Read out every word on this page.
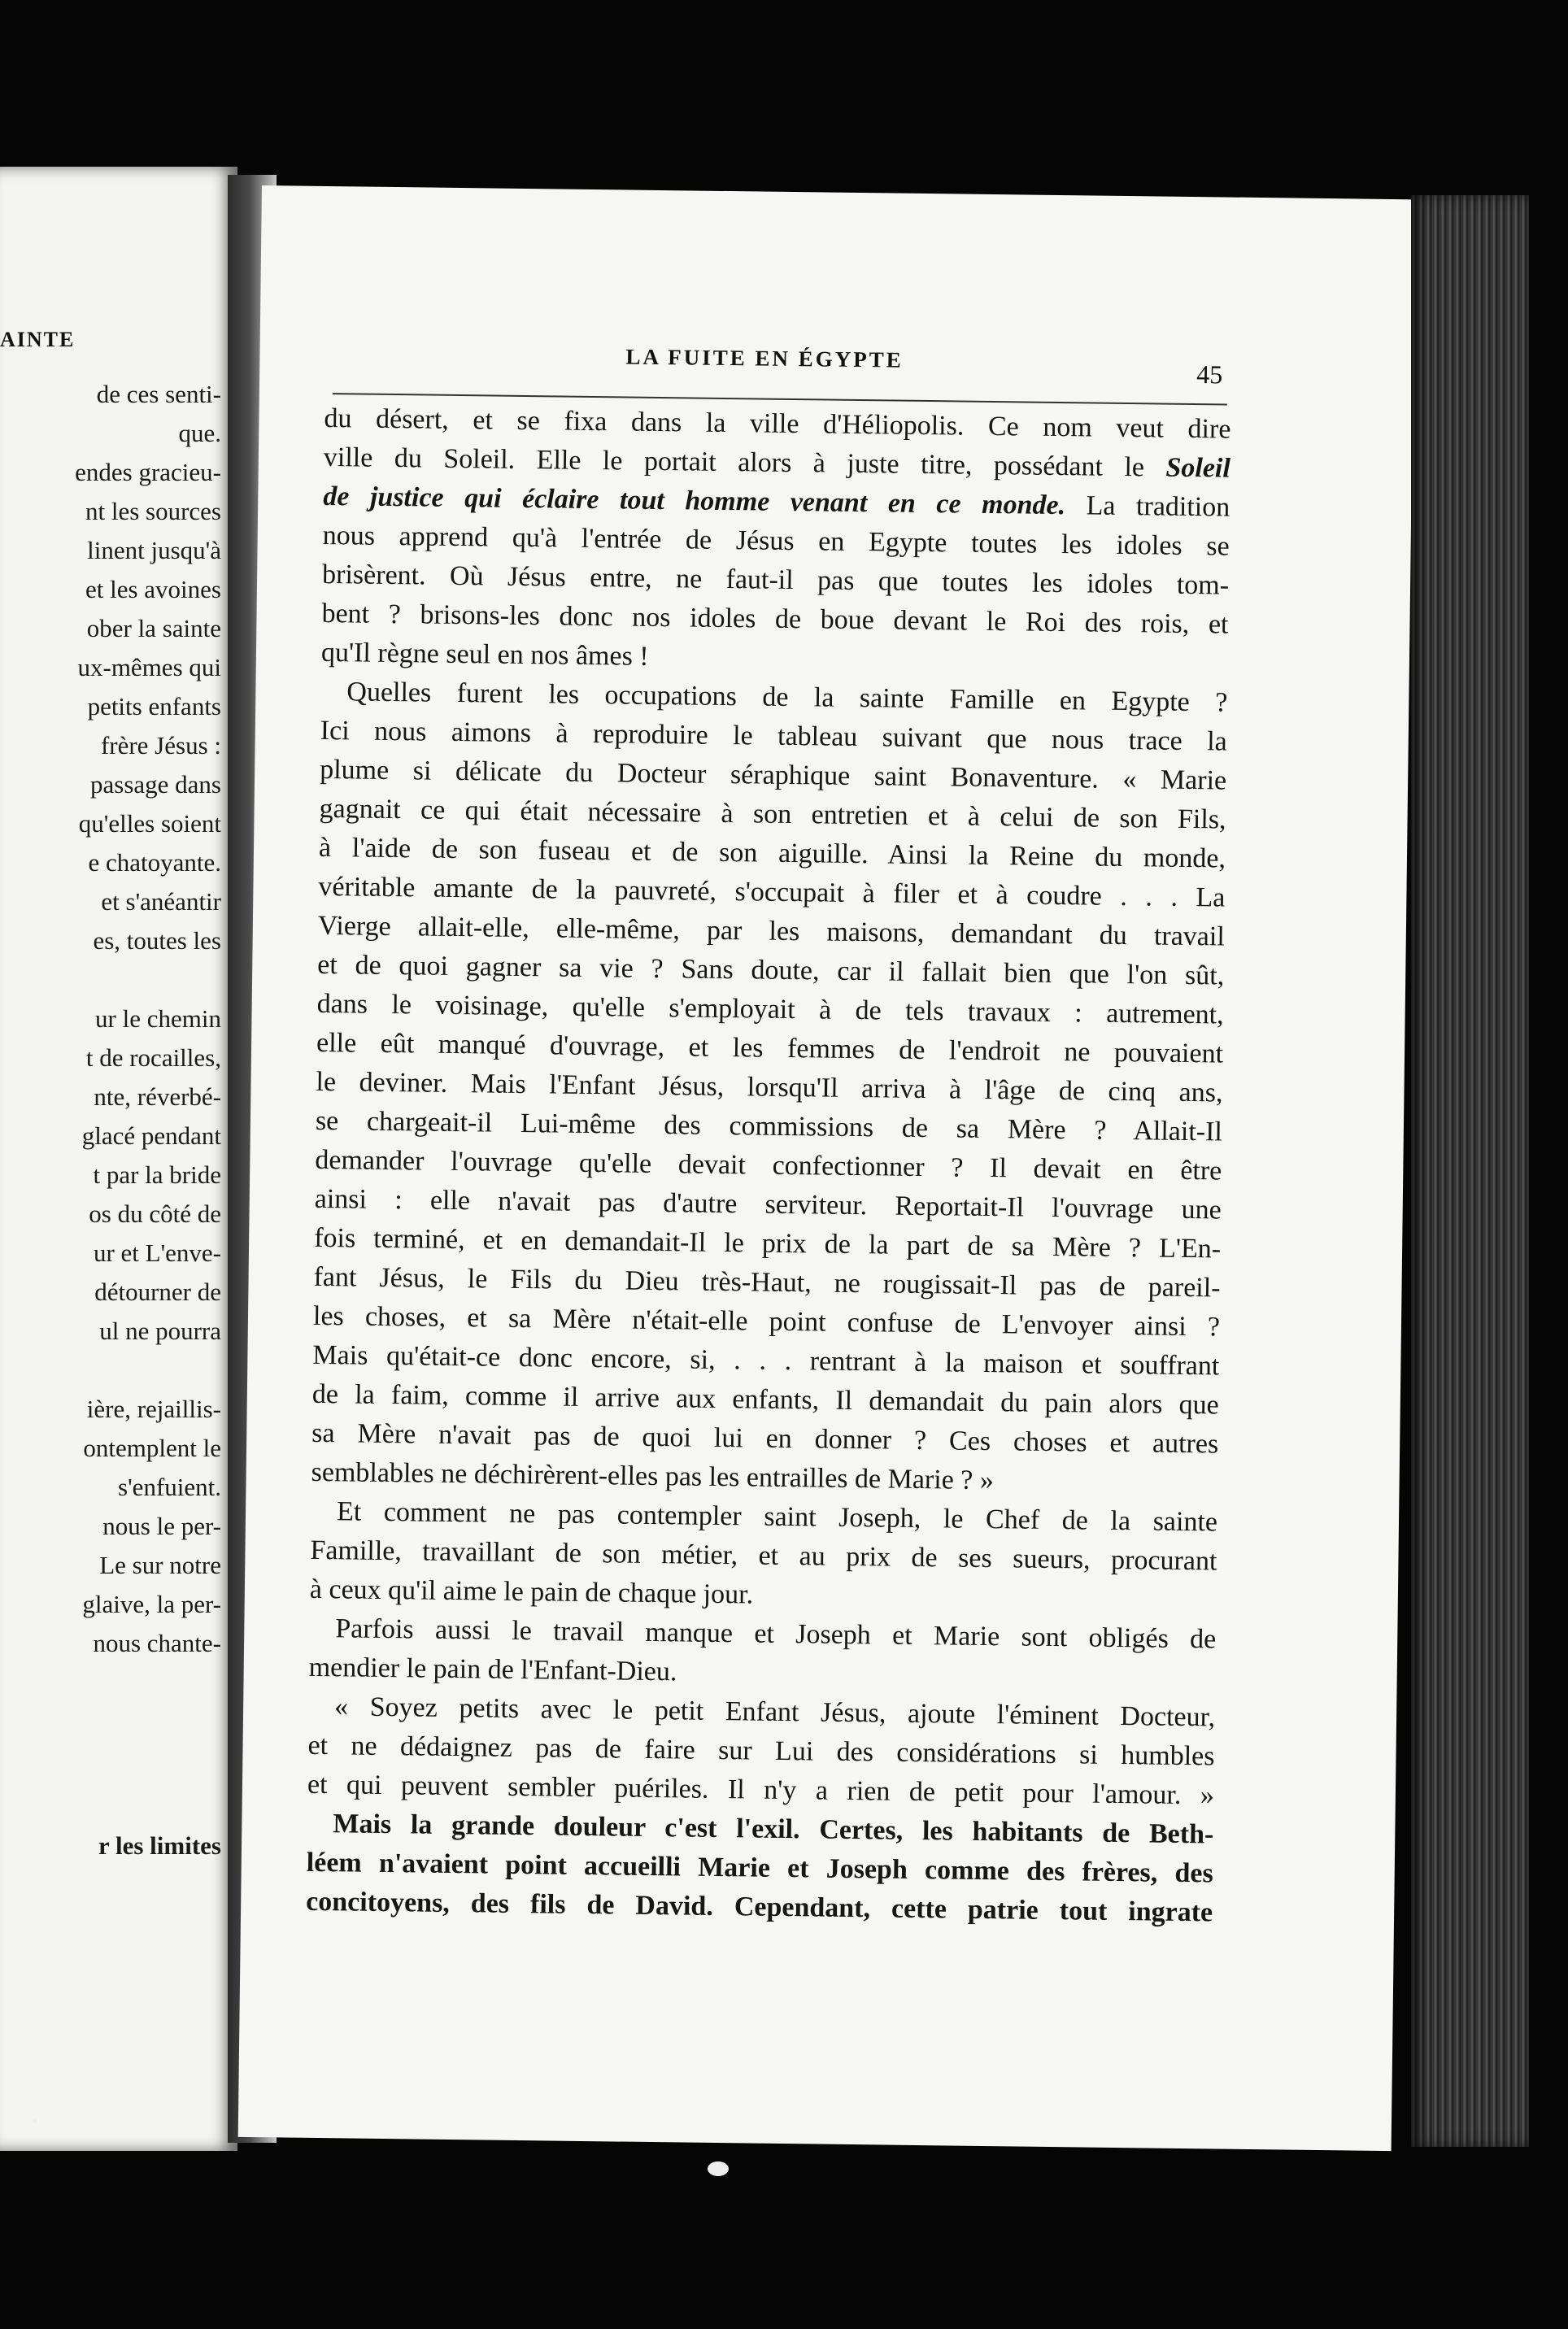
AINTE
de ces senti-
que.
endes gracieu-
nt les sources
linent jusqu'à
et les avoines
ober la sainte
ux-mêmes qui
petits enfants
frère Jésus :
passage dans
qu'elles soient
e chatoyante.
et s'anéantir
es, toutes les
ur le chemin
t de rocailles,
nte, réverbé-
glacé pendant
t par la bride
os du côté de
ur et L'enve-
détourner de
ul ne pourra
ière, rejaillis-
ontemplent le
s'enfuient.
nous le per-
Le sur notre
glaive, la per-
nous chante-
r les limites
LA FUITE EN ÉGYPTE
45
du désert, et se fixa dans la ville d'Héliopolis. Ce nom veut dire
ville du Soleil. Elle le portait alors à juste titre, possédant le Soleil
de justice qui éclaire tout homme venant en ce monde. La tradition
nous apprend qu'à l'entrée de Jésus en Egypte toutes les idoles se
brisèrent. Où Jésus entre, ne faut-il pas que toutes les idoles tom-
bent ? brisons-les donc nos idoles de boue devant le Roi des rois, et
qu'Il règne seul en nos âmes !
Quelles furent les occupations de la sainte Famille en Egypte ?
Ici nous aimons à reproduire le tableau suivant que nous trace la
plume si délicate du Docteur séraphique saint Bonaventure. « Marie
gagnait ce qui était nécessaire à son entretien et à celui de son Fils,
à l'aide de son fuseau et de son aiguille. Ainsi la Reine du monde,
véritable amante de la pauvreté, s'occupait à filer et à coudre . . . La
Vierge allait-elle, elle-même, par les maisons, demandant du travail
et de quoi gagner sa vie ? Sans doute, car il fallait bien que l'on sût,
dans le voisinage, qu'elle s'employait à de tels travaux : autrement,
elle eût manqué d'ouvrage, et les femmes de l'endroit ne pouvaient
le deviner. Mais l'Enfant Jésus, lorsqu'Il arriva à l'âge de cinq ans,
se chargeait-il Lui-même des commissions de sa Mère ? Allait-Il
demander l'ouvrage qu'elle devait confectionner ? Il devait en être
ainsi : elle n'avait pas d'autre serviteur. Reportait-Il l'ouvrage une
fois terminé, et en demandait-Il le prix de la part de sa Mère ? L'En-
fant Jésus, le Fils du Dieu très-Haut, ne rougissait-Il pas de pareil-
les choses, et sa Mère n'était-elle point confuse de L'envoyer ainsi ?
Mais qu'était-ce donc encore, si, . . . rentrant à la maison et souffrant
de la faim, comme il arrive aux enfants, Il demandait du pain alors que
sa Mère n'avait pas de quoi lui en donner ? Ces choses et autres
semblables ne déchirèrent-elles pas les entrailles de Marie ? »
Et comment ne pas contempler saint Joseph, le Chef de la sainte
Famille, travaillant de son métier, et au prix de ses sueurs, procurant
à ceux qu'il aime le pain de chaque jour.
Parfois aussi le travail manque et Joseph et Marie sont obligés de
mendier le pain de l'Enfant-Dieu.
« Soyez petits avec le petit Enfant Jésus, ajoute l'éminent Docteur,
et ne dédaignez pas de faire sur Lui des considérations si humbles
et qui peuvent sembler puériles. Il n'y a rien de petit pour l'amour. »
Mais la grande douleur c'est l'exil. Certes, les habitants de Beth-
léem n'avaient point accueilli Marie et Joseph comme des frères, des
concitoyens, des fils de David. Cependant, cette patrie tout ingrate
